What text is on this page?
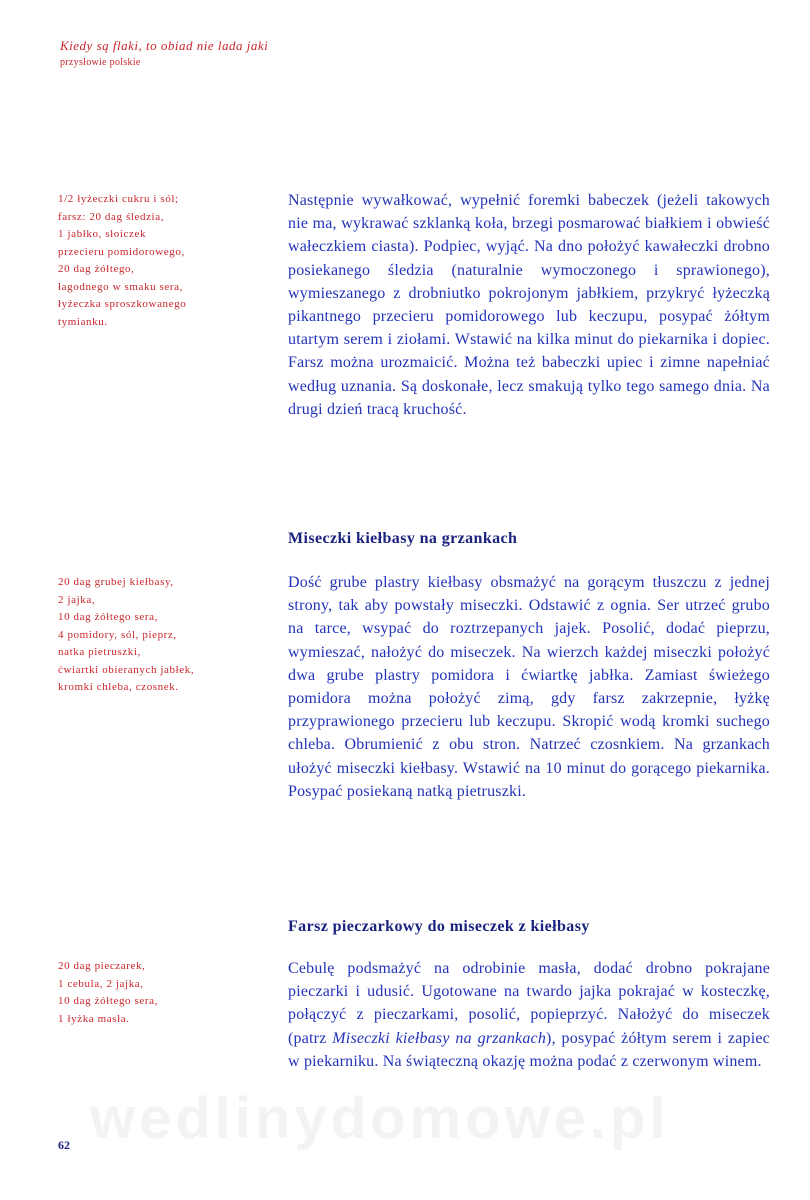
Kiedy są flaki, to obiad nie lada jaki
przysłowie polskie
1/2 łyżeczki cukru i sól;
farsz: 20 dag śledzia,
1 jabłko, słoiczek
przecieru pomidorowego,
20 dag żółtego,
łagodnego w smaku sera,
łyżeczka sproszkowanego
tymianku.
Następnie wywałkować, wypełnić foremki babeczek (jeżeli takowych nie ma, wykrawać szklanką koła, brzegi posmarować białkiem i obwieść wałeczkiem ciasta). Podpiec, wyjąć. Na dno położyć kawałeczki drobno posiekanego śledzia (naturalnie wymoczonego i sprawionego), wymieszanego z drobniutko pokrojonym jabłkiem, przykryć łyżeczką pikantnego przecieru pomidorowego lub keczupu, posypać żółtym utartym serem i ziołami. Wstawić na kilka minut do piekarnika i dopiec. Farsz można urozmaicić. Można też babeczki upiec i zimne napełniać według uznania. Są doskonałe, lecz smakują tylko tego samego dnia. Na drugi dzień tracą kruchość.
Miseczki kiełbasy na grzankach
20 dag grubej kiełbasy,
2 jajka,
10 dag żółtego sera,
4 pomidory, sól, pieprz,
natka pietruszki,
ćwiartki obieranych jabłek,
kromki chleba, czosnek.
Dość grube plastry kiełbasy obsmażyć na gorącym tłuszczu z jednej strony, tak aby powstały miseczki. Odstawić z ognia. Ser utrzeć grubo na tarce, wsypać do roztrzepanych jajek. Posolić, dodać pieprzu, wymieszać, nałożyć do miseczek. Na wierzch każdej miseczki położyć dwa grube plastry pomidora i ćwiartkę jabłka. Zamiast świeżego pomidora można położyć zimą, gdy farsz zakrzepnie, łyżkę przyprawionego przecieru lub keczupu. Skropić wodą kromki suchego chleba. Obrumienić z obu stron. Natrzeć czosnkiem. Na grzankach ułożyć miseczki kiełbasy. Wstawić na 10 minut do gorącego piekarnika. Posypać posiekaną natką pietruszki.
Farsz pieczarkowy do miseczek z kiełbasy
20 dag pieczarek,
1 cebula, 2 jajka,
10 dag żółtego sera,
1 łyżka masła.
Cebulę podsmażyć na odrobinie masła, dodać drobno pokrajane pieczarki i udusić. Ugotowane na twardo jajka pokrajać w kosteczkę, połączyć z pieczarkami, posolić, popieprzyć. Nałożyć do miseczek (patrz Miseczki kiełbasy na grzankach), posypać żółtym serem i zapiec w piekarniku. Na świąteczną okazję można podać z czerwonym winem.
wedlinydomowe.pl
62
